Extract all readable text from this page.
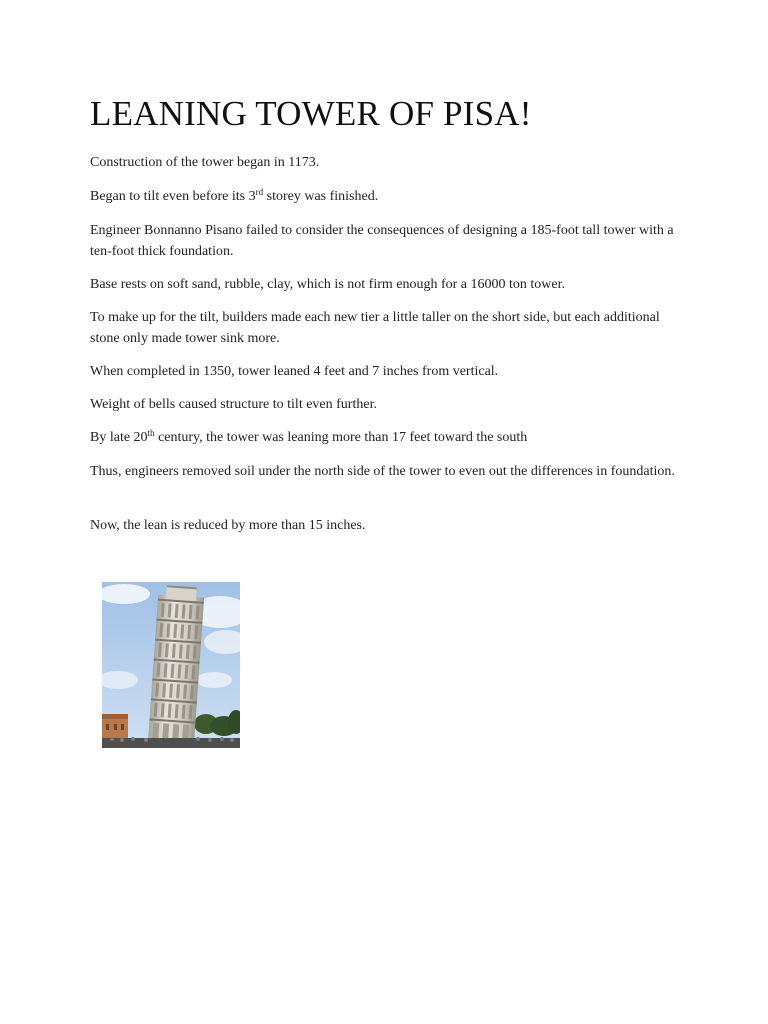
LEANING TOWER OF PISA!

Construction of the tower began in 1173.

Began to tilt even before its 3rd storey was finished.

Engineer Bonnanno Pisano failed to consider the consequences of designing a 185-foot tall tower with a ten-foot thick foundation.

Base rests on soft sand, rubble, clay, which is not firm enough for a 16000 ton tower.

To make up for the tilt, builders made each new tier a little taller on the short side, but each additional stone only made tower sink more.

When completed in 1350, tower leaned 4 feet and 7 inches from vertical.

Weight of bells caused structure to tilt even further.

By late 20th century, the tower was leaning more than 17 feet toward the south

Thus, engineers removed soil under the north side of the tower to even out the differences in foundation.

Now, the lean is reduced by more than 15 inches.
